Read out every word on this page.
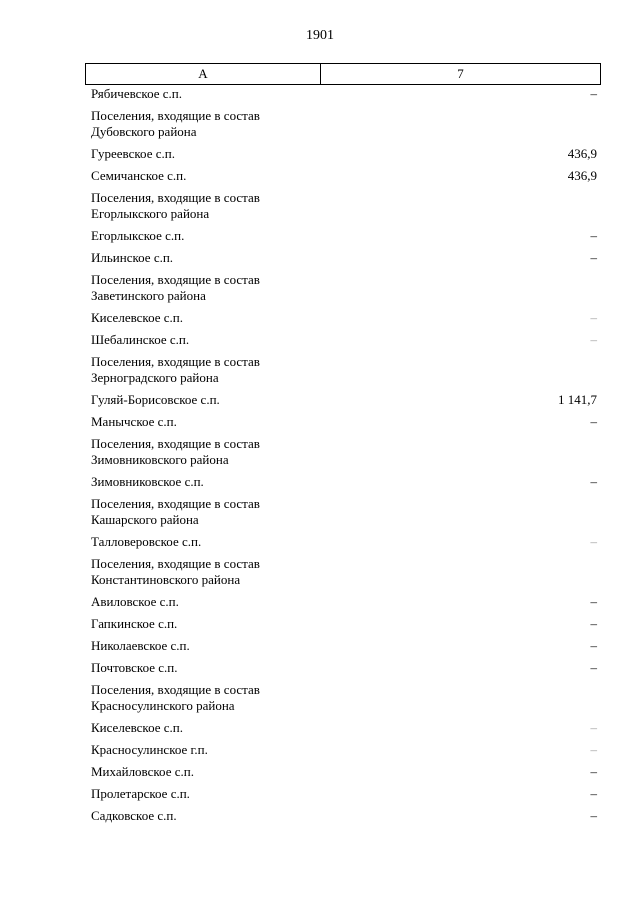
1901
А	7
Рябичевское с.п.	–
Поселения, входящие в состав Дубовского района
Гуреевское с.п.	436,9
Семичанское с.п.	436,9
Поселения, входящие в состав Егорлыкского района
Егорлыкское с.п.	–
Ильинское с.п.	–
Поселения, входящие в состав Заветинского района
Киселевское с.п.	–
Шебалинское с.п.	–
Поселения, входящие в состав Зерноградского района
Гуляй-Борисовское с.п.	1 141,7
Манычское с.п.	–
Поселения, входящие в состав Зимовниковского района
Зимовниковское с.п.	–
Поселения, входящие в состав Кашарского района
Талловеровское с.п.	–
Поселения, входящие в состав Константиновского района
Авиловское с.п.	–
Гапкинское с.п.	–
Николаевское с.п.	–
Почтовское с.п.	–
Поселения, входящие в состав Красносулинского района
Киселевское с.п.	–
Красносулинское г.п.	–
Михайловское с.п.	–
Пролетарское с.п.	–
Садковское с.п.	–
